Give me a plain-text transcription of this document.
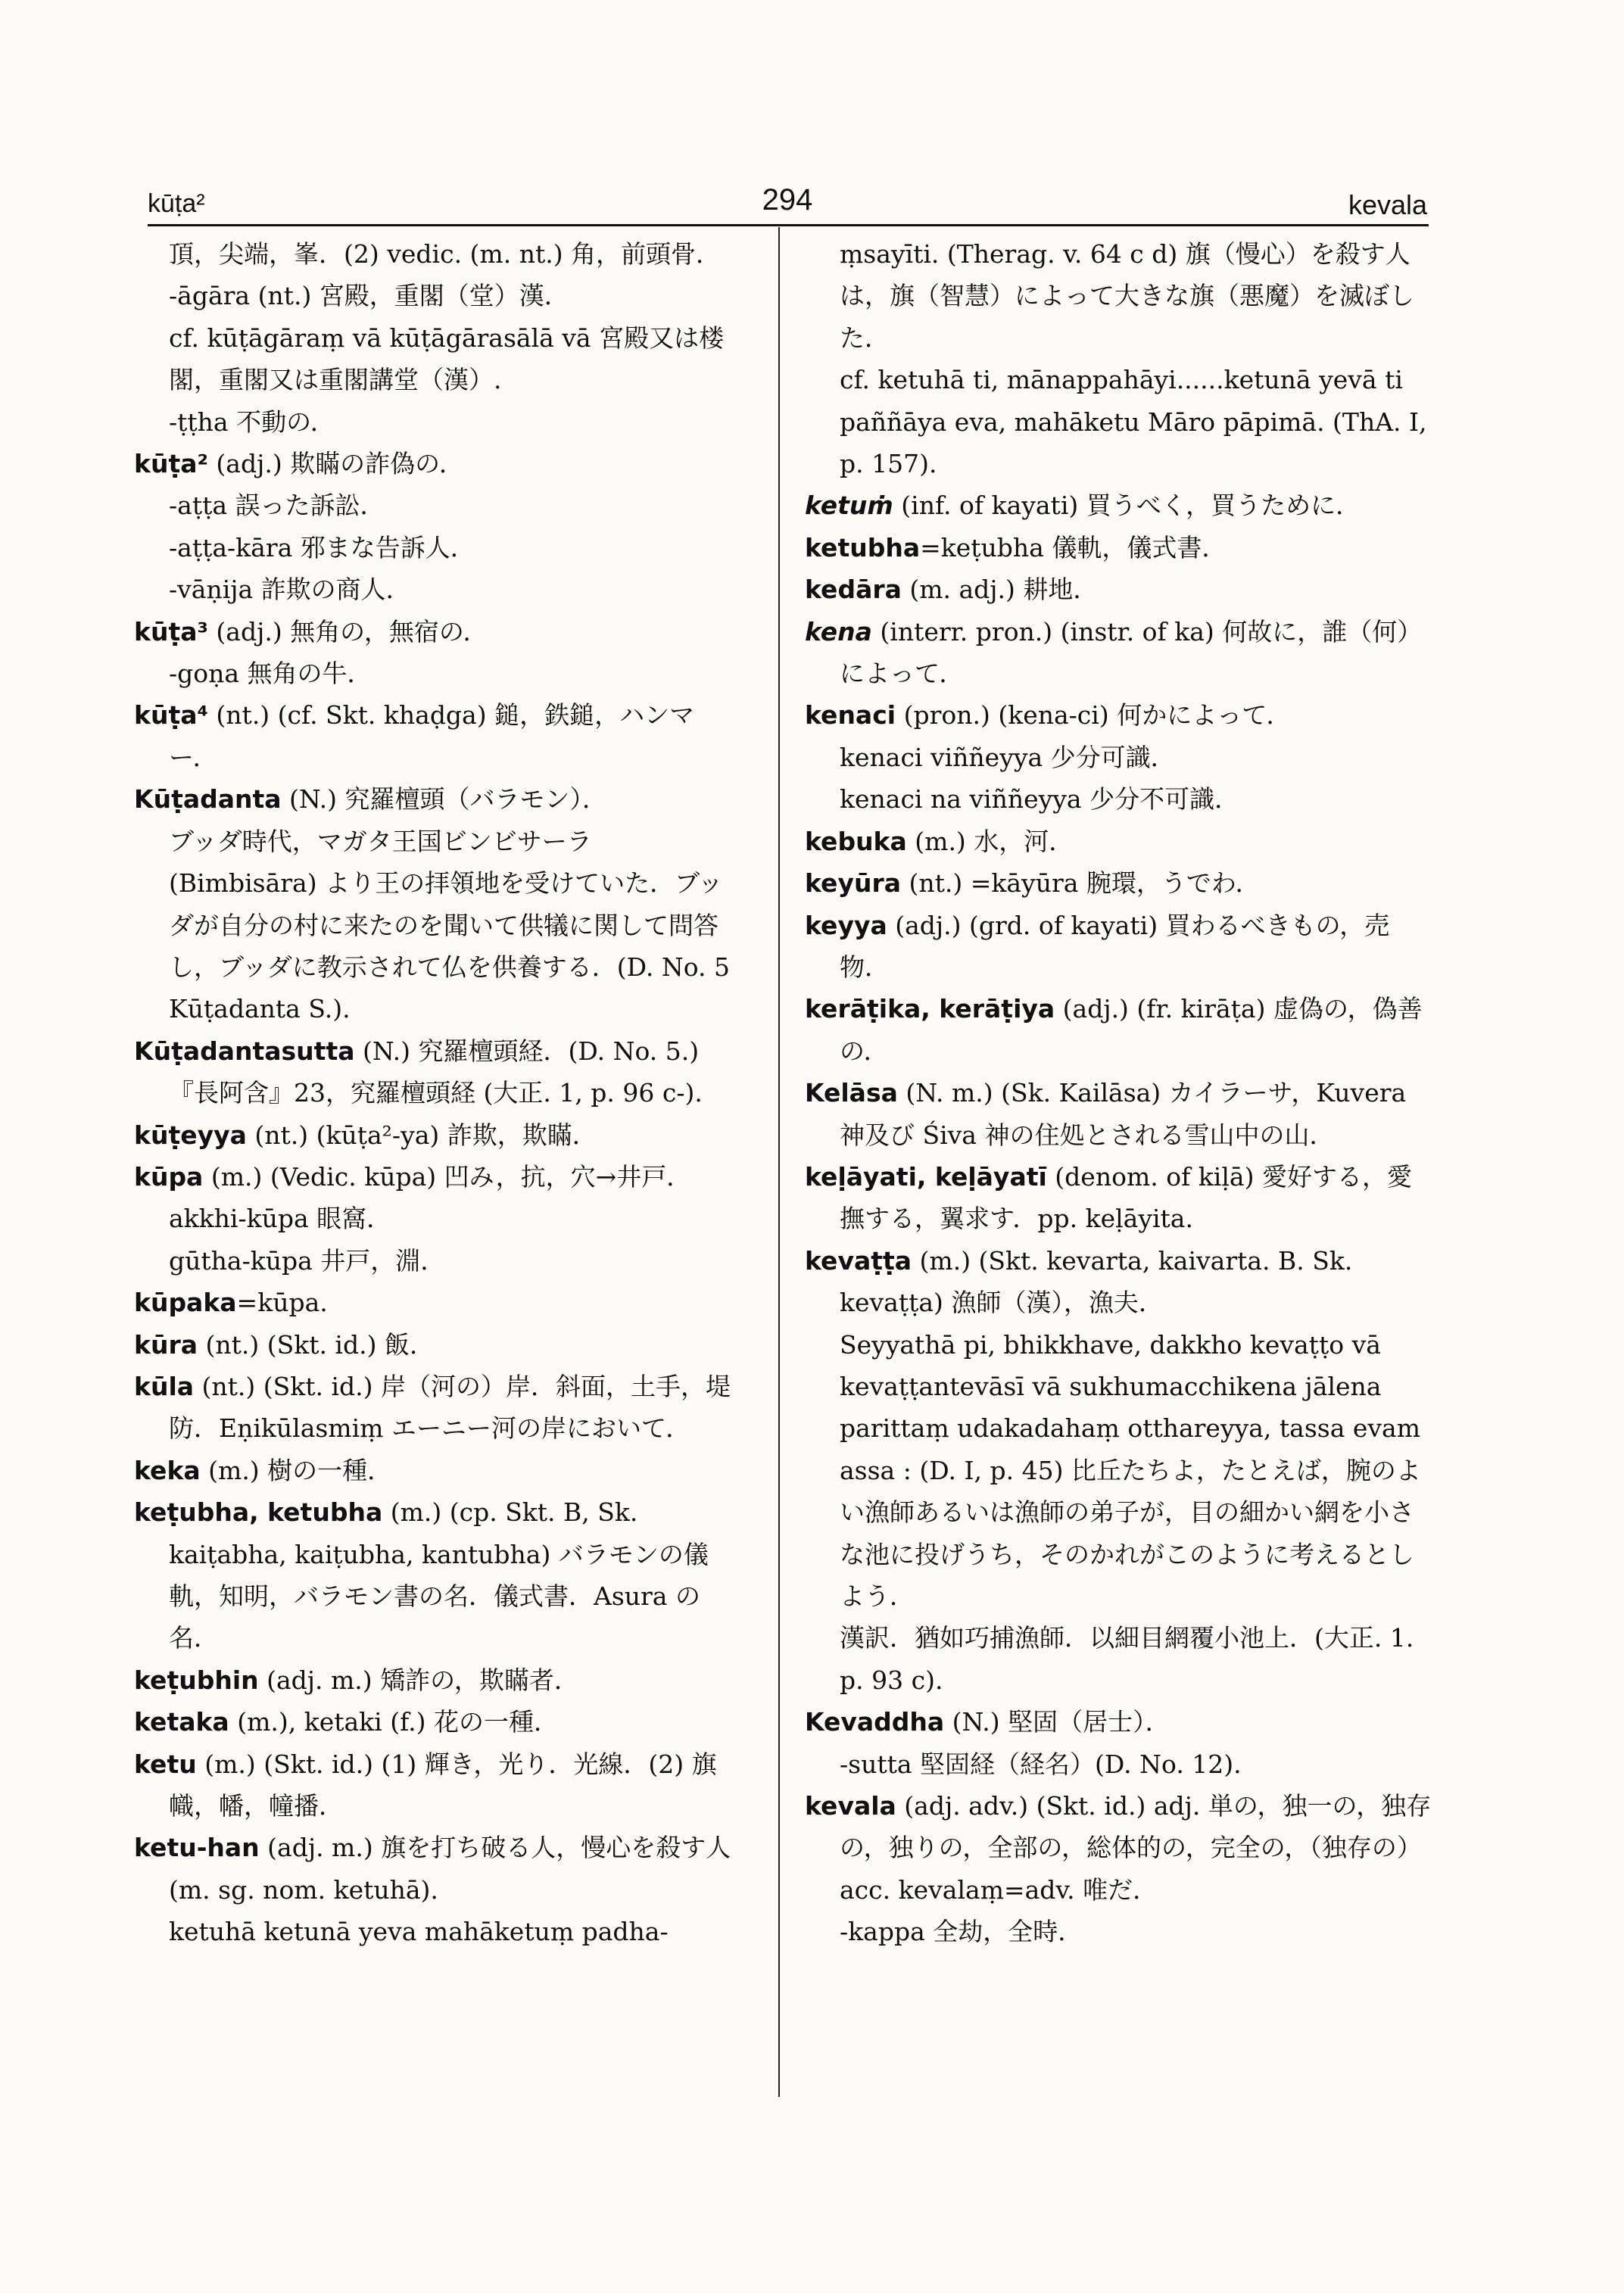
kūṭa²	294	kevala

頂，尖端，峯．(2) vedic. (m. nt.) 角，前頭骨．

-āgāra (nt.) 宮殿，重閣（堂）漢．

cf. kūṭāgāraṃ vā kūṭāgārasālā vā 宮殿又は楼閣，重閣又は重閣講堂（漢）.

-ṭṭha 不動の．

kūṭa² (adj.) 欺瞞の詐偽の．

-aṭṭa 誤った訴訟．

-aṭṭa-kāra 邪まな告訴人．

-vāṇija 詐欺の商人．

kūṭa³ (adj.) 無角の，無宿の．

-goṇa 無角の牛．

kūṭa⁴ (nt.) (cf. Skt. khaḍga) 鎚，鉄鎚，ハンマー．

Kūṭadanta (N.) 究羅檀頭（バラモン）．

ブッダ時代，マガタ王国ビンビサーラ (Bimbisāra) より王の拝領地を受けていた．ブッダが自分の村に来たのを聞いて供犠に関して問答し，ブッダに教示されて仏を供養する．(D. No. 5 Kūṭadanta S.).

Kūṭadantasutta (N.) 究羅檀頭経．(D. No. 5.)『長阿含』23，究羅檀頭経 (大正. 1, p. 96 c-).

kūṭeyya (nt.) (kūṭa²-ya) 詐欺，欺瞞．

kūpa (m.) (Vedic. kūpa) 凹み，抗，穴→井戸．

akkhi-kūpa 眼窩．

gūtha-kūpa 井戸，淵．

kūpaka=kūpa.

kūra (nt.) (Skt. id.) 飯．

kūla (nt.) (Skt. id.) 岸（河の）岸．斜面，土手，堤防．Eṇikūlasmiṃ エーニー河の岸において．

keka (m.) 樹の一種．

keṭubha, ketubha (m.) (cp. Skt. B, Sk. kaiṭabha, kaiṭubha, kantubha) バラモンの儀軌，知明，バラモン書の名．儀式書．Asura の名．

keṭubhin (adj. m.) 矯詐の，欺瞞者．

ketaka (m.), ketaki (f.) 花の一種．

ketu (m.) (Skt. id.) (1) 輝き，光り．光線．(2) 旗幟，幡，幢播．

ketu-han (adj. m.) 旗を打ち破る人，慢心を殺す人 (m. sg. nom. ketuhā).

ketuhā ketunā yeva mahāketuṃ padha-

ṃsayīti. (Therag. v. 64 c d) 旗（慢心）を殺す人は，旗（智慧）によって大きな旗（悪魔）を滅ぼした．

cf. ketuhā ti, mānappahāyi......ketunā yevā ti paññāya eva, mahāketu Māro pāpimā. (ThA. I, p. 157).

ketuṁ (inf. of kayati) 買うべく，買うために．

ketubha=keṭubha 儀軌，儀式書．

kedāra (m. adj.) 耕地．

kena (interr. pron.) (instr. of ka) 何故に，誰（何）によって．

kenaci (pron.) (kena-ci) 何かによって．

kenaci viññeyya 少分可識．

kenaci na viññeyya 少分不可識．

kebuka (m.) 水，河．

keyūra (nt.) =kāyūra 腕環，うでわ．

keyya (adj.) (grd. of kayati) 買わるべきもの，売物．

kerāṭika, kerāṭiya (adj.) (fr. kirāṭa) 虚偽の，偽善の．

Kelāsa (N. m.) (Sk. Kailāsa) カイラーサ，Kuvera 神及び Śiva 神の住処とされる雪山中の山．

keḷāyati, keḷāyatī (denom. of kiḷā) 愛好する，愛撫する，翼求す．pp. keḷāyita.

kevaṭṭa (m.) (Skt. kevarta, kaivarta. B. Sk. kevaṭṭa) 漁師（漢），漁夫．

Seyyathā pi, bhikkhave, dakkho kevaṭṭo vā kevaṭṭantevāsī vā sukhumacchikena jālena parittaṃ udakadahaṃ otthareyya, tassa evam assa : (D. I, p. 45) 比丘たちよ，たとえば，腕のよい漁師あるいは漁師の弟子が，目の細かい網を小さな池に投げうち，そのかれがこのように考えるとしよう．

漢訳．猶如巧捕漁師．以細目網覆小池上．(大正. 1. p. 93 c).

Kevaddha (N.) 堅固（居士）．

-sutta 堅固経（経名）(D. No. 12).

kevala (adj. adv.) (Skt. id.) adj. 単の，独一の，独存の，独りの，全部の，総体的の，完全の，（独存の）acc. kevalaṃ=adv. 唯だ．

-kappa 全劫，全時．
